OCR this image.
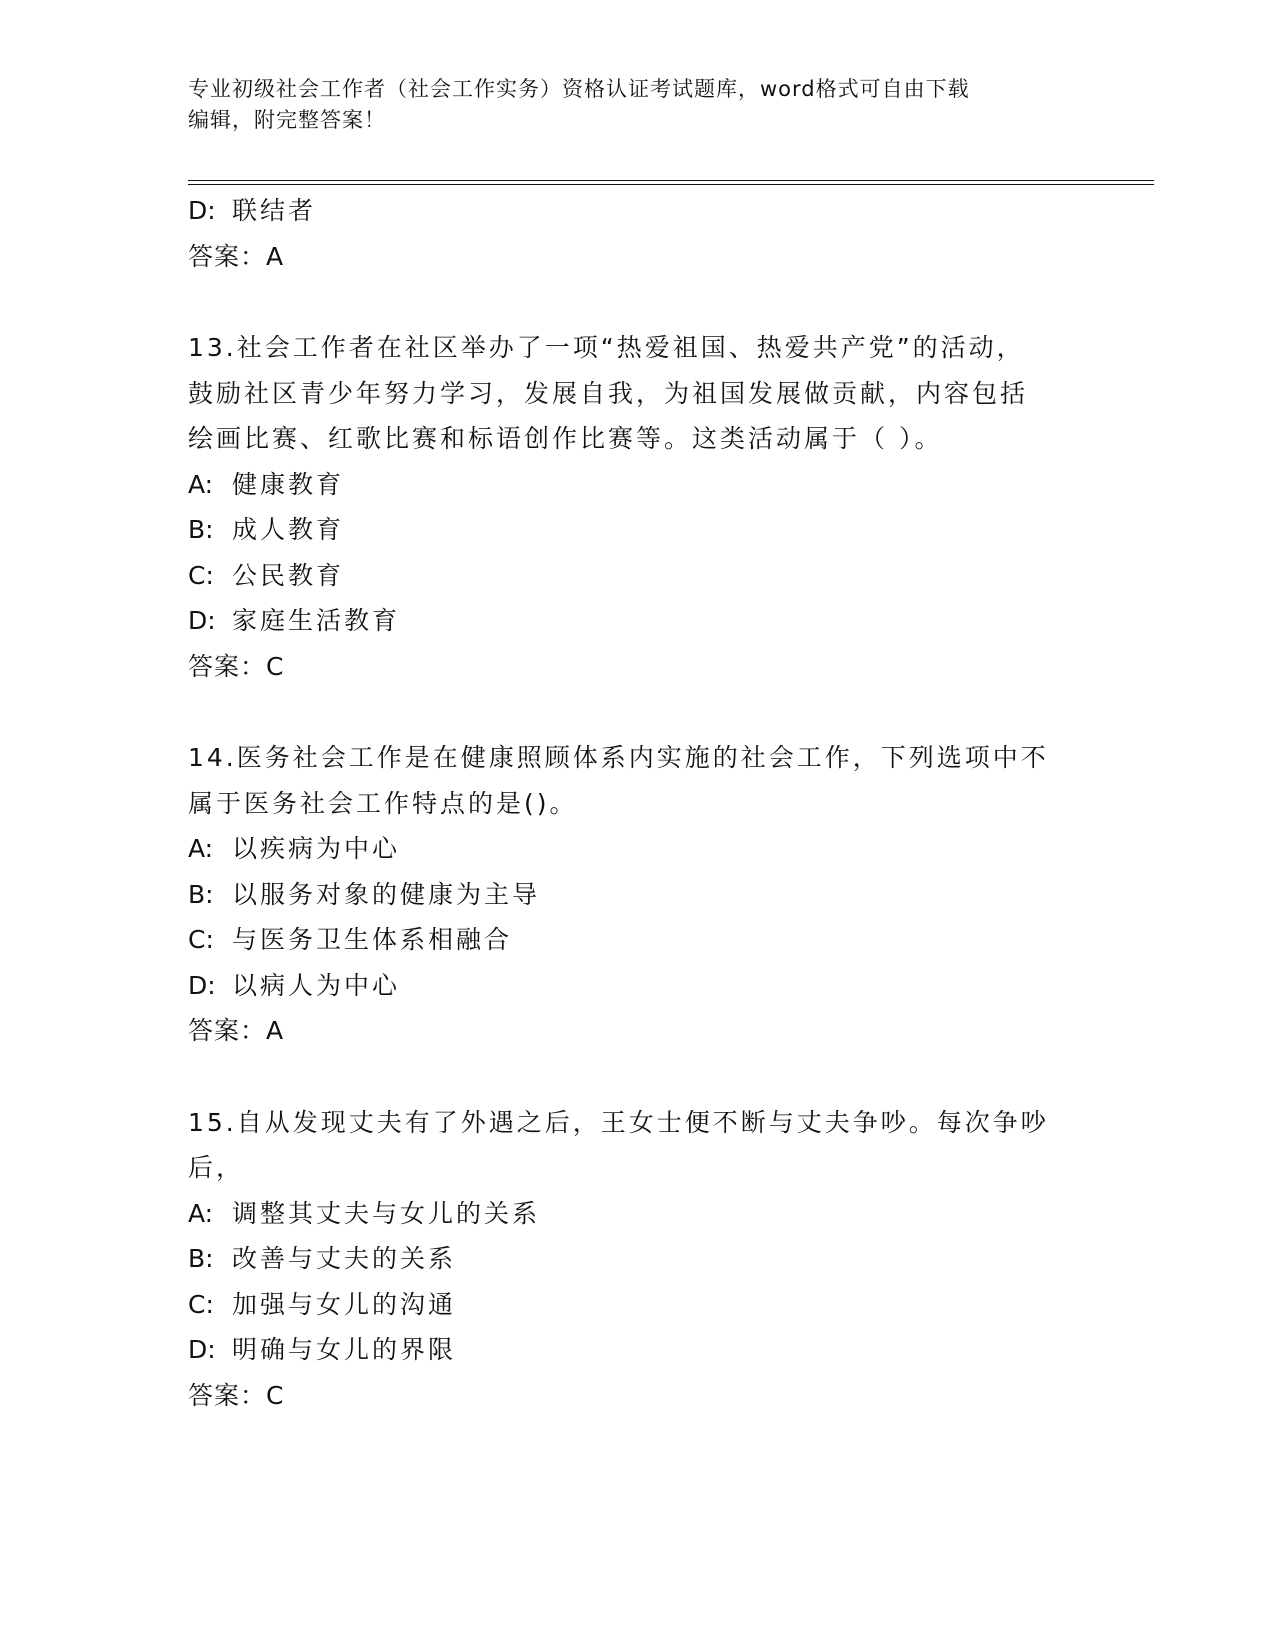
专业初级社会工作者（社会工作实务）资格认证考试题库，word格式可自由下载
编辑，附完整答案！
D: 联结者
答案：A
13.社会工作者在社区举办了一项“热爱祖国、热爱共产党”的活动，
鼓励社区青少年努力学习，发展自我，为祖国发展做贡献，内容包括
绘画比赛、红歌比赛和标语创作比赛等。这类活动属于（ ）。
A: 健康教育
B: 成人教育
C: 公民教育
D: 家庭生活教育
答案：C
14.医务社会工作是在健康照顾体系内实施的社会工作，下列选项中不
属于医务社会工作特点的是()。
A: 以疾病为中心
B: 以服务对象的健康为主导
C: 与医务卫生体系相融合
D: 以病人为中心
答案：A
15.自从发现丈夫有了外遇之后，王女士便不断与丈夫争吵。每次争吵
后，
A: 调整其丈夫与女儿的关系
B: 改善与丈夫的关系
C: 加强与女儿的沟通
D: 明确与女儿的界限
答案：C
